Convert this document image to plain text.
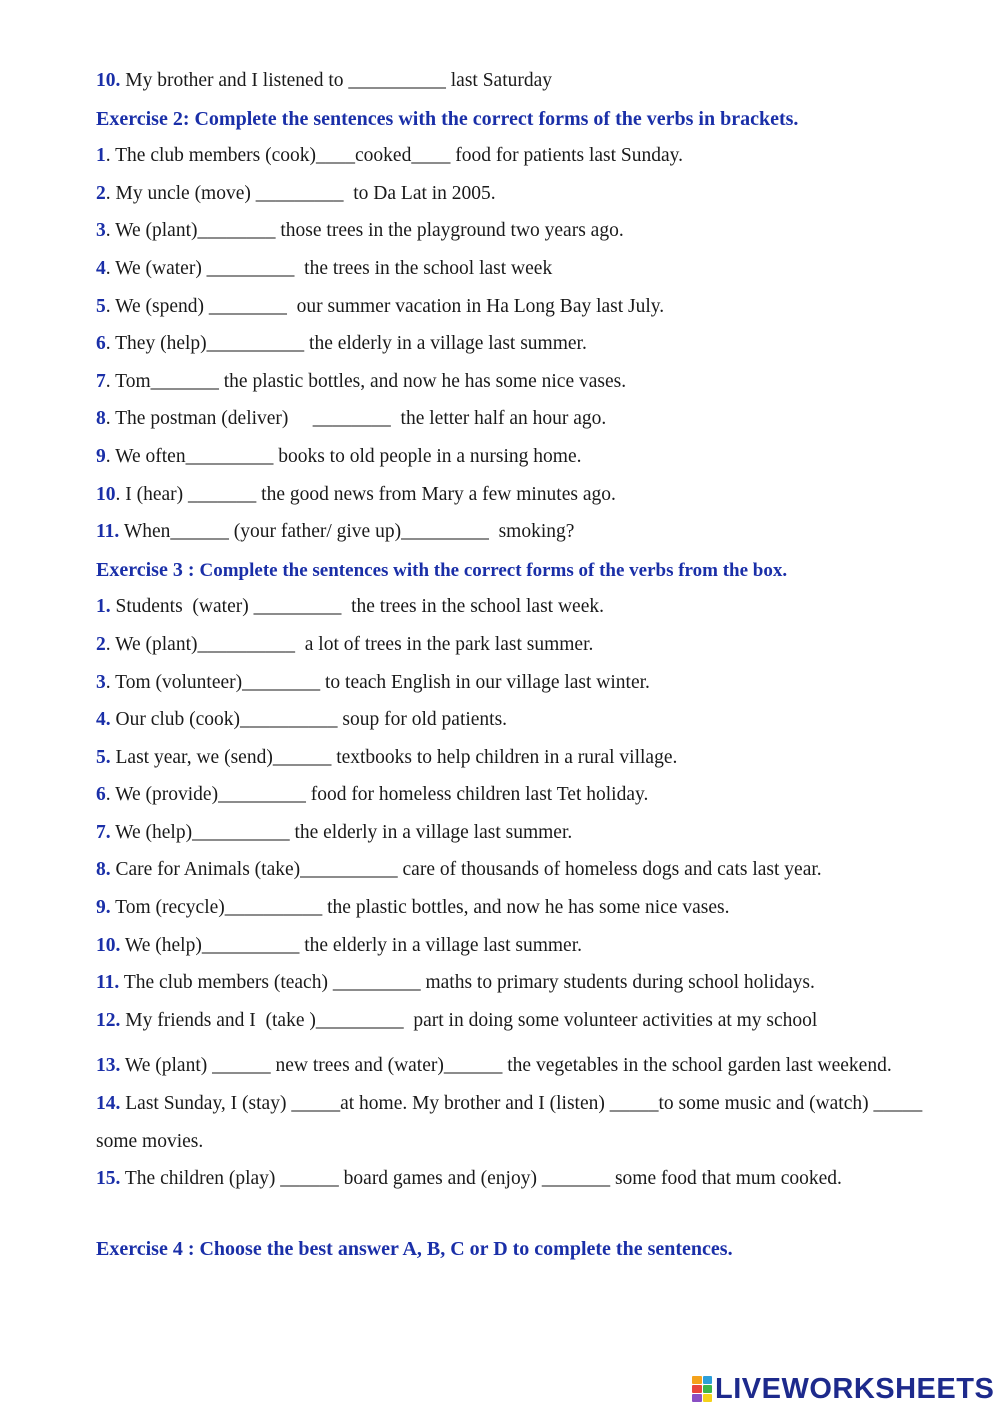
10. My brother and I listened to __________ last Saturday
Exercise 2: Complete the sentences with the correct forms of the verbs in brackets.
1. The club members (cook)____cooked____ food for patients last Sunday.
2. My uncle (move) _________  to Da Lat in 2005.
3. We (plant)________ those trees in the playground two years ago.
4. We (water) _________  the trees in the school last week
5. We (spend) ________  our summer vacation in Ha Long Bay last July.
6. They (help)__________ the elderly in a village last summer.
7. Tom_______ the plastic bottles, and now he has some nice vases.
8. The postman (deliver)     ________  the letter half an hour ago.
9. We often_________ books to old people in a nursing home.
10. I (hear) _______ the good news from Mary a few minutes ago.
11. When______ (your father/ give up)_________  smoking?
Exercise 3 : Complete the sentences with the correct forms of the verbs from the box.
1. Students  (water) _________  the trees in the school last week.
2. We (plant)__________  a lot of trees in the park last summer.
3. Tom (volunteer)________ to teach English in our village last winter.
4. Our club (cook)__________ soup for old patients.
5. Last year, we (send)______ textbooks to help children in a rural village.
6. We (provide)_________ food for homeless children last Tet holiday.
7. We (help)__________ the elderly in a village last summer.
8. Care for Animals (take)__________ care of thousands of homeless dogs and cats last year.
9. Tom (recycle)__________ the plastic bottles, and now he has some nice vases.
10. We (help)__________ the elderly in a village last summer.
11. The club members (teach) _________ maths to primary students during school holidays.
12. My friends and I  (take )_________  part in doing some volunteer activities at my school
13. We (plant) ______ new trees and (water)______ the vegetables in the school garden last weekend.
14. Last Sunday, I (stay) _____at home. My brother and I (listen) _____to some music and (watch) _____ some movies.
15. The children (play) ______ board games and (enjoy) _______ some food that mum cooked.
Exercise 4 : Choose the best answer A, B, C or D to complete the sentences.
LIVEWORKSHEETS
